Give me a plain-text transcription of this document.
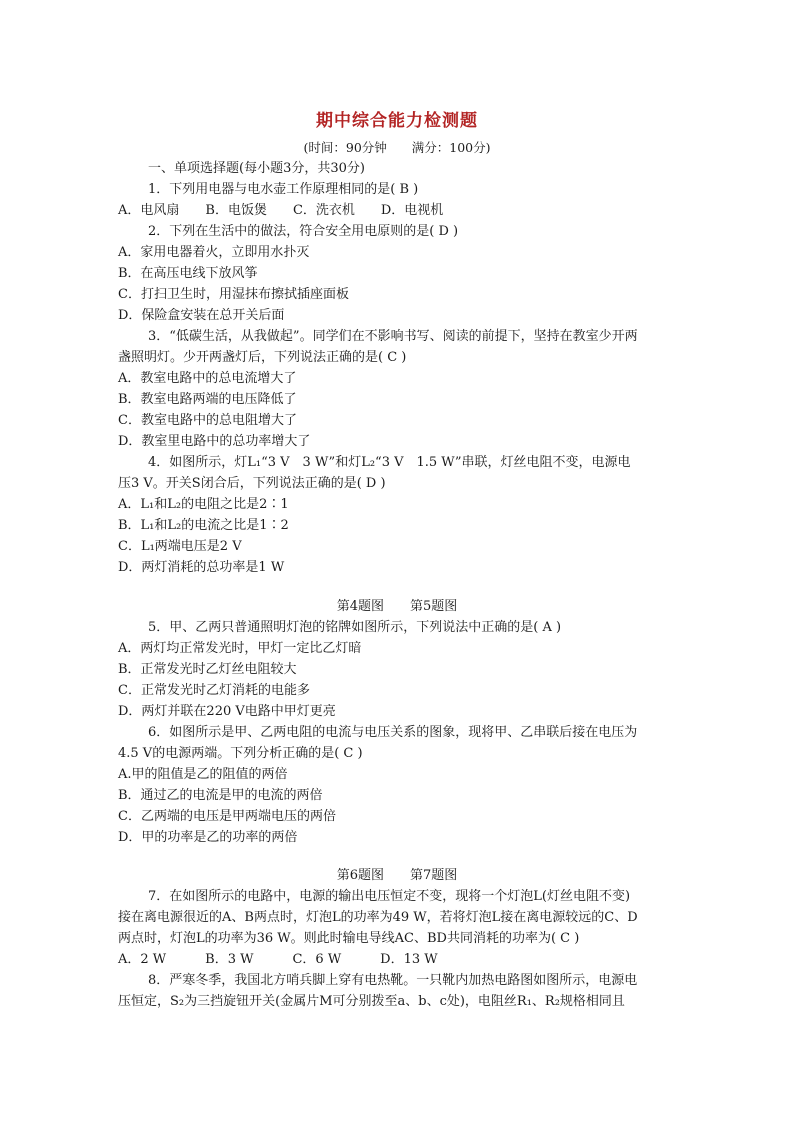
期中综合能力检测题
(时间：90分钟　　满分：100分)
一、单项选择题(每小题3分，共30分)
1．下列用电器与电水壶工作原理相同的是( B )
A．电风扇　　B．电饭煲　　C．洗衣机　　D．电视机
2．下列在生活中的做法，符合安全用电原则的是( D )
A．家用电器着火，立即用水扑灭
B．在高压电线下放风筝
C．打扫卫生时，用湿抹布擦拭插座面板
D．保险盒安装在总开关后面
3．“低碳生活，从我做起”。同学们在不影响书写、阅读的前提下，坚持在教室少开两
盏照明灯。少开两盏灯后，下列说法正确的是( C )
A．教室电路中的总电流增大了
B．教室电路两端的电压降低了
C．教室电路中的总电阻增大了
D．教室里电路中的总功率增大了
4．如图所示，灯L₁“3 V　3 W”和灯L₂“3 V　1.5 W”串联，灯丝电阻不变，电源电
压3 V。开关S闭合后，下列说法正确的是( D )
A．L₁和L₂的电阻之比是2∶1
B．L₁和L₂的电流之比是1∶2
C．L₁两端电压是2 V
D．两灯消耗的总功率是1 W
第4题图　　第5题图
5．甲、乙两只普通照明灯泡的铭牌如图所示，下列说法中正确的是( A )
A．两灯均正常发光时，甲灯一定比乙灯暗
B．正常发光时乙灯丝电阻较大
C．正常发光时乙灯消耗的电能多
D．两灯并联在220 V电路中甲灯更亮
6．如图所示是甲、乙两电阻的电流与电压关系的图象，现将甲、乙串联后接在电压为
4.5 V的电源两端。下列分析正确的是( C )
A.甲的阻值是乙的阻值的两倍
B．通过乙的电流是甲的电流的两倍
C．乙两端的电压是甲两端电压的两倍
D．甲的功率是乙的功率的两倍
第6题图　　第7题图
7．在如图所示的电路中，电源的输出电压恒定不变，现将一个灯泡L(灯丝电阻不变)
接在离电源很近的A、B两点时，灯泡L的功率为49 W，若将灯泡L接在离电源较远的C、D
两点时，灯泡L的功率为36 W。则此时输电导线AC、BD共同消耗的功率为( C )
A．2 W　　　B．3 W　　　C．6 W　　　D．13 W
8．严寒冬季，我国北方哨兵脚上穿有电热靴。一只靴内加热电路图如图所示，电源电
压恒定，S₂为三挡旋钮开关(金属片M可分别拨至a、b、c处)，电阻丝R₁、R₂规格相同且
